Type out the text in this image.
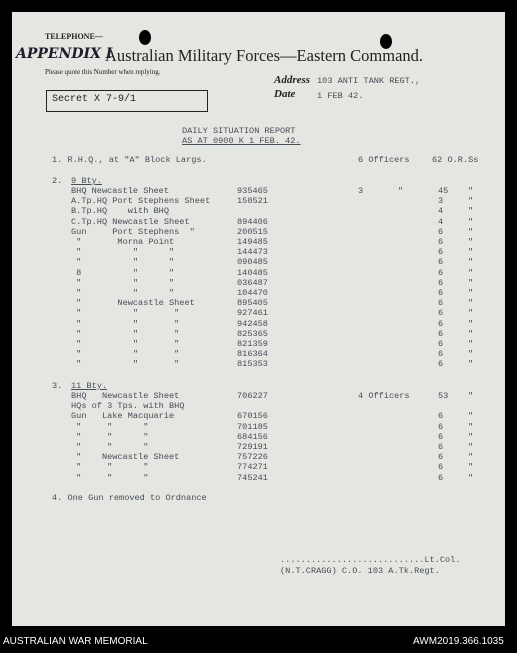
TELEPHONE—
APPENDIX I
Australian Military Forces—Eastern Command.
Please quote this Number when replying.
Secret X 7-9/1
Address 103 ANTI TANK REGT.,
Date	1 FEB 42.
DAILY SITUATION REPORT
AS AT 0900 K 1 FEB. 42.
1. R.H.Q., at "A" Block Largs.	6 Officers	62 O.R.Ss
2. 9 Bty.
BHQ Newcastle Sheet	935465	3	"	45 "
A.Tp.HQ Port Stephens Sheet	158521	3	"
B.Tp.HQ    with BHQ	4	"
C.Tp.HQ Newcastle Sheet	894406	4	"
Gun     Port Stephens  "	200515	6	"
"       Morna Point	149485	6	"
"          "      "	144473	6	"
"          "      "	090485	6	"
8          "      "	140485	6	"
"          "      "	036487	6	"
"          "      "	104470	6	"
"       Newcastle Sheet	895405	6	"
"          "       "	927461	6	"
"          "       "	942458	6	"
"          "       "	825365	6	"
"          "       "	821359	6	"
"          "       "	816364	6	"
"          "       "	815353	6	"
3. 11 Bty.
BHQ   Newcastle Sheet	706227	4 Officers	53 "
HQs of 3 Tps. with BHQ
Gun   Lake Macquarie	670156	6	"
"     "      "	701185	6	"
"     "      "	684156	6	"
"     "      "	729191	6	"
"    Newcastle Sheet	757226	6	"
"     "      "	774271	6	"
"     "      "	745241	6	"
4. One Gun removed to Ordnance
............................Lt.Col.
(N.T.CRAGG) C.O. 103 A.Tk.Regt.
AUSTRALIAN WAR MEMORIAL	AWM2019.366.1035
